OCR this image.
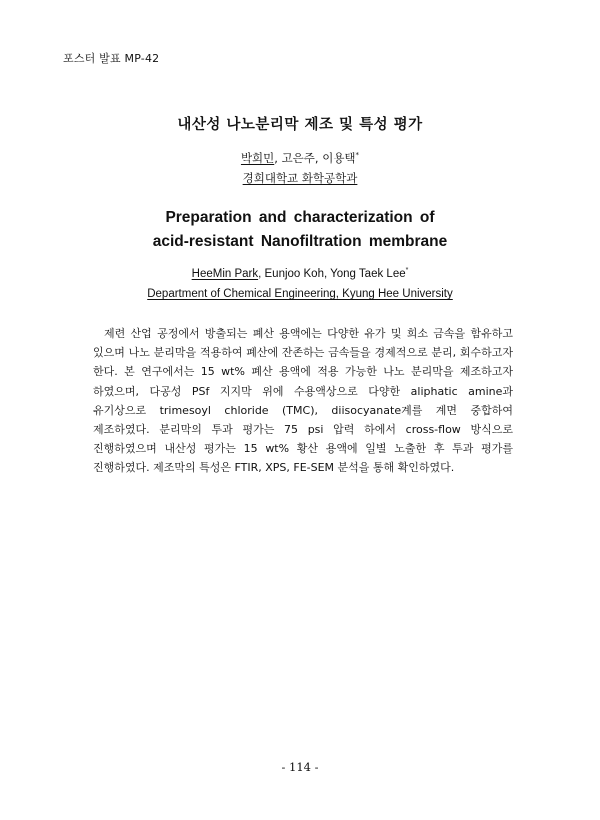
포스터 발표 MP-42
내산성 나노분리막 제조 및 특성 평가
박희민, 고은주, 이용택*
경희대학교 화학공학과
Preparation and characterization of
acid-resistant Nanofiltration membrane
HeeMin Park, Eunjoo Koh, Yong Taek Lee*
Department of Chemical Engineering, Kyung Hee University

제련 산업 공정에서 방출되는 폐산 용액에는 다양한 유가 및 희소 금속을 함유하고 있으며 나노 분리막을 적용하여 폐산에 잔존하는 금속들을 경제적으로 분리, 회수하고자 한다. 본 연구에서는 15 wt% 폐산 용액에 적용 가능한 나노 분리막을 제조하고자 하였으며, 다공성 PSf 지지막 위에 수용액상으로 다양한 aliphatic amine과 유기상으로 trimesoyl chloride (TMC), diisocyanate계를 계면 중합하여 제조하였다. 분리막의 투과 평가는 75 psi 압력 하에서 cross-flow 방식으로 진행하였으며 내산성 평가는 15 wt% 황산 용액에 일별 노출한 후 투과 평가를 진행하였다. 제조막의 특성은 FTIR, XPS, FE-SEM 분석을 통해 확인하였다.

- 114 -
